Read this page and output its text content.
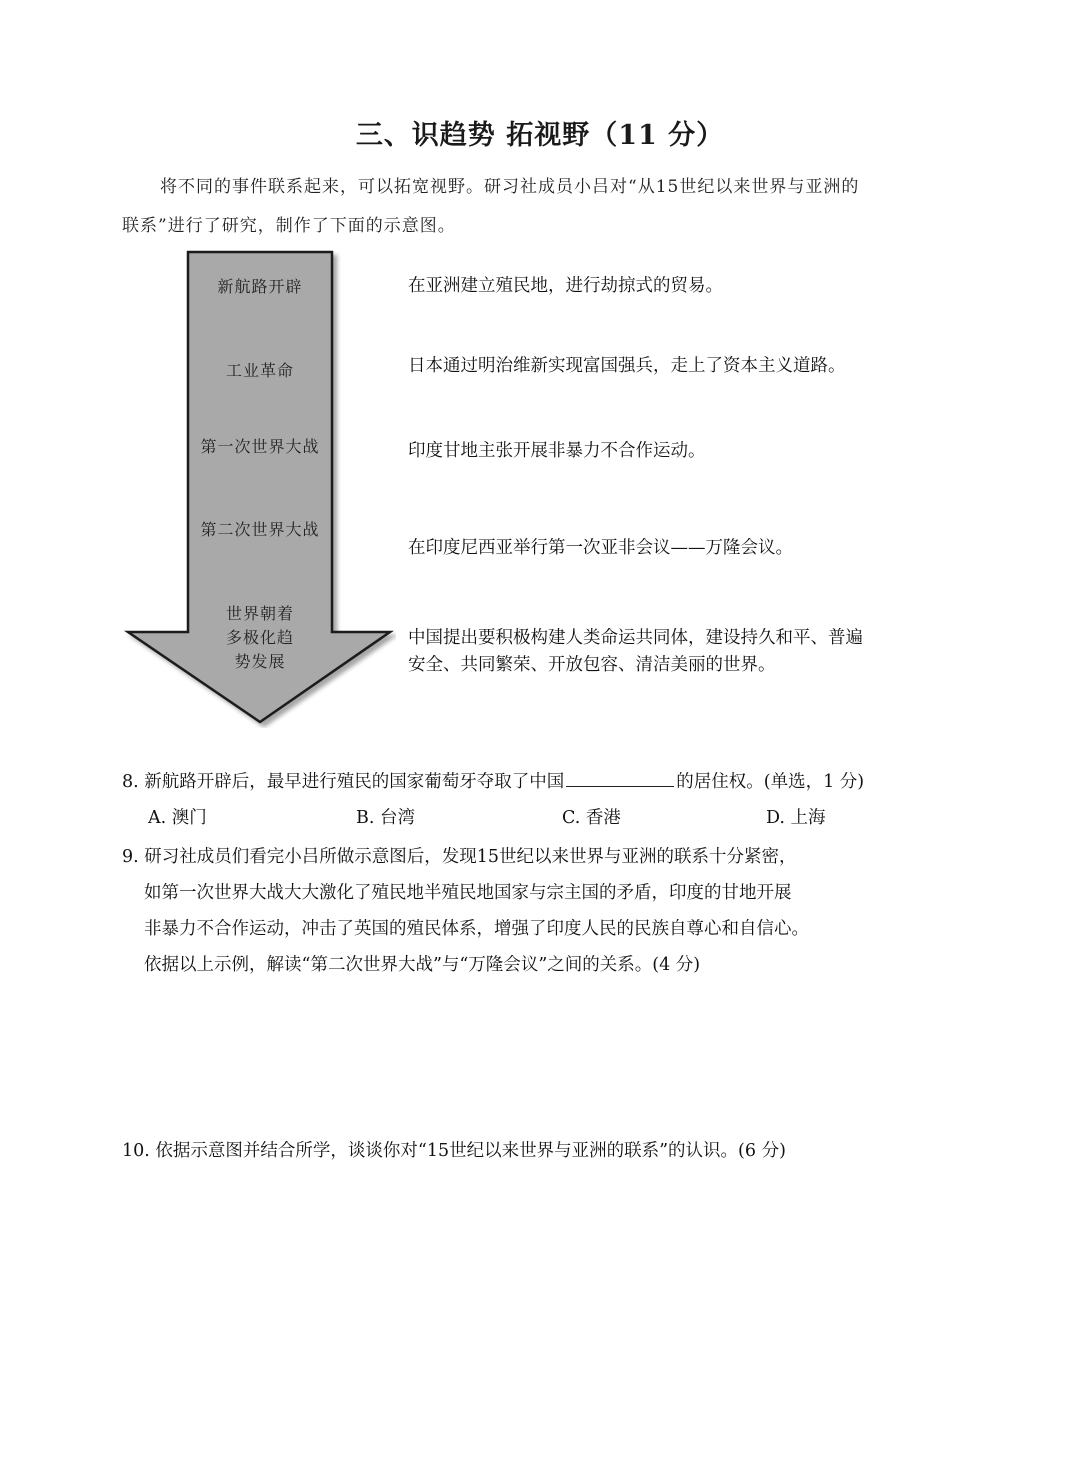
三、识趋势 拓视野（11 分）
将不同的事件联系起来，可以拓宽视野。研习社成员小吕对“从15世纪以来世界与亚洲的
联系”进行了研究，制作了下面的示意图。
新航路开辟
工业革命
第一次世界大战
第二次世界大战
世界朝着
多极化趋
势发展
在亚洲建立殖民地，进行劫掠式的贸易。
日本通过明治维新实现富国强兵，走上了资本主义道路。
印度甘地主张开展非暴力不合作运动。
在印度尼西亚举行第一次亚非会议——万隆会议。
中国提出要积极构建人类命运共同体，建设持久和平、普遍
安全、共同繁荣、开放包容、清洁美丽的世界。
8. 新航路开辟后，最早进行殖民的国家葡萄牙夺取了中国	的居住权。(单选，1 分)
A. 澳门	B. 台湾	C. 香港	D. 上海
9. 研习社成员们看完小吕所做示意图后，发现15世纪以来世界与亚洲的联系十分紧密，
如第一次世界大战大大激化了殖民地半殖民地国家与宗主国的矛盾，印度的甘地开展
非暴力不合作运动，冲击了英国的殖民体系，增强了印度人民的民族自尊心和自信心。
依据以上示例，解读“第二次世界大战”与“万隆会议”之间的关系。(4 分)
10. 依据示意图并结合所学，谈谈你对“15世纪以来世界与亚洲的联系”的认识。(6 分)
